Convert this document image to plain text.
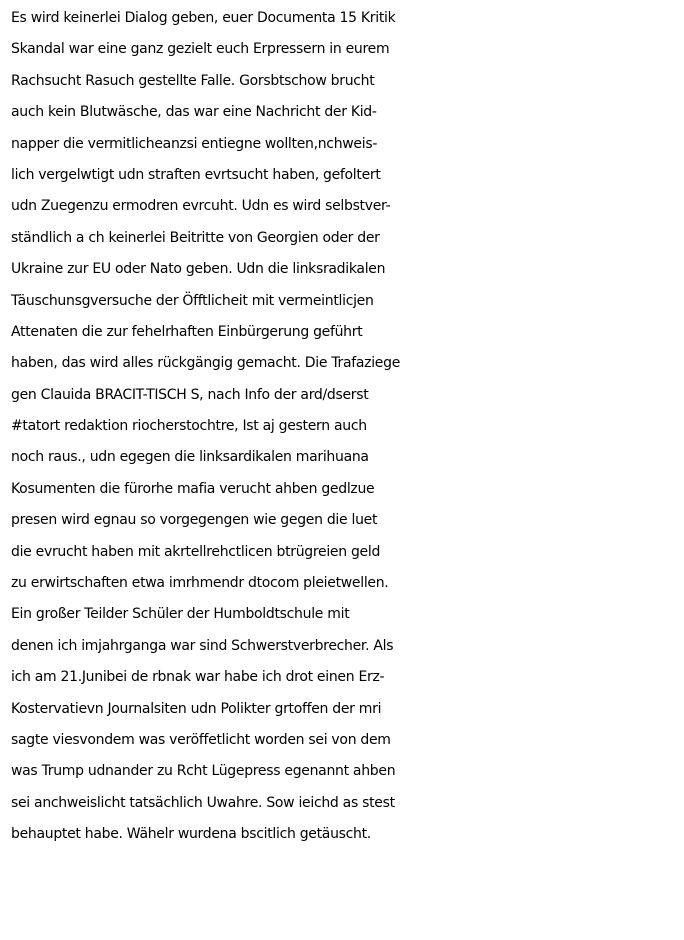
Es wird keinerlei Dialog geben, euer Documenta 15 Kritik
Skandal war eine ganz gezielt euch Erpressern in eurem
Rachsucht Rasuch gestellte Falle. Gorsbtschow brucht
auch kein Blutwäsche, das war eine Nachricht der Kid-
napper die vermitlicheanzsi entiegne wollten,nchweis-
lich vergelwtigt udn straften evrtsucht haben, gefoltert
udn Zuegenzu ermodren evrcuht. Udn es wird selbstver-
ständlich a ch keinerlei Beitritte von Georgien oder der
Ukraine zur EU oder Nato geben. Udn die linksradikalen
Täuschunsgversuche der Öfftlicheit mit vermeintlicjen
Attenaten die zur fehelrhaften Einbürgerung geführt
haben, das wird alles rückgängig gemacht. Die Trafaziege
gen Clauida BRACIT-TISCH S, nach Info der ard/dserst
#tatort redaktion riocherstochtre, Ist aj gestern auch
noch raus., udn egegen die linksardikalen marihuana
Kosumenten die fürorhe mafia verucht ahben gedlzue
presen wird egnau so vorgegengen wie gegen die luet
die evrucht haben mit akrtellrehctlicen btrügreien geld
zu erwirtschaften etwa imrhmendr dtocom pleietwellen.
Ein großer Teilder Schüler der Humboldtschule mit
denen ich imjahrganga war sind Schwerstverbrecher. Als
ich am 21.Junibei de rbnak war habe ich drot einen Erz-
Kostervatievn Journalsiten udn Polikter grtoffen der mri
sagte viesvondem was veröffetlicht worden sei von dem
was Trump udnander zu Rcht Lügepress egenannt ahben
sei anchweislicht tatsächlich Uwahre. Sow ieichd as stest
behauptet habe. Wähelr wurdena bscitlich getäuscht.
